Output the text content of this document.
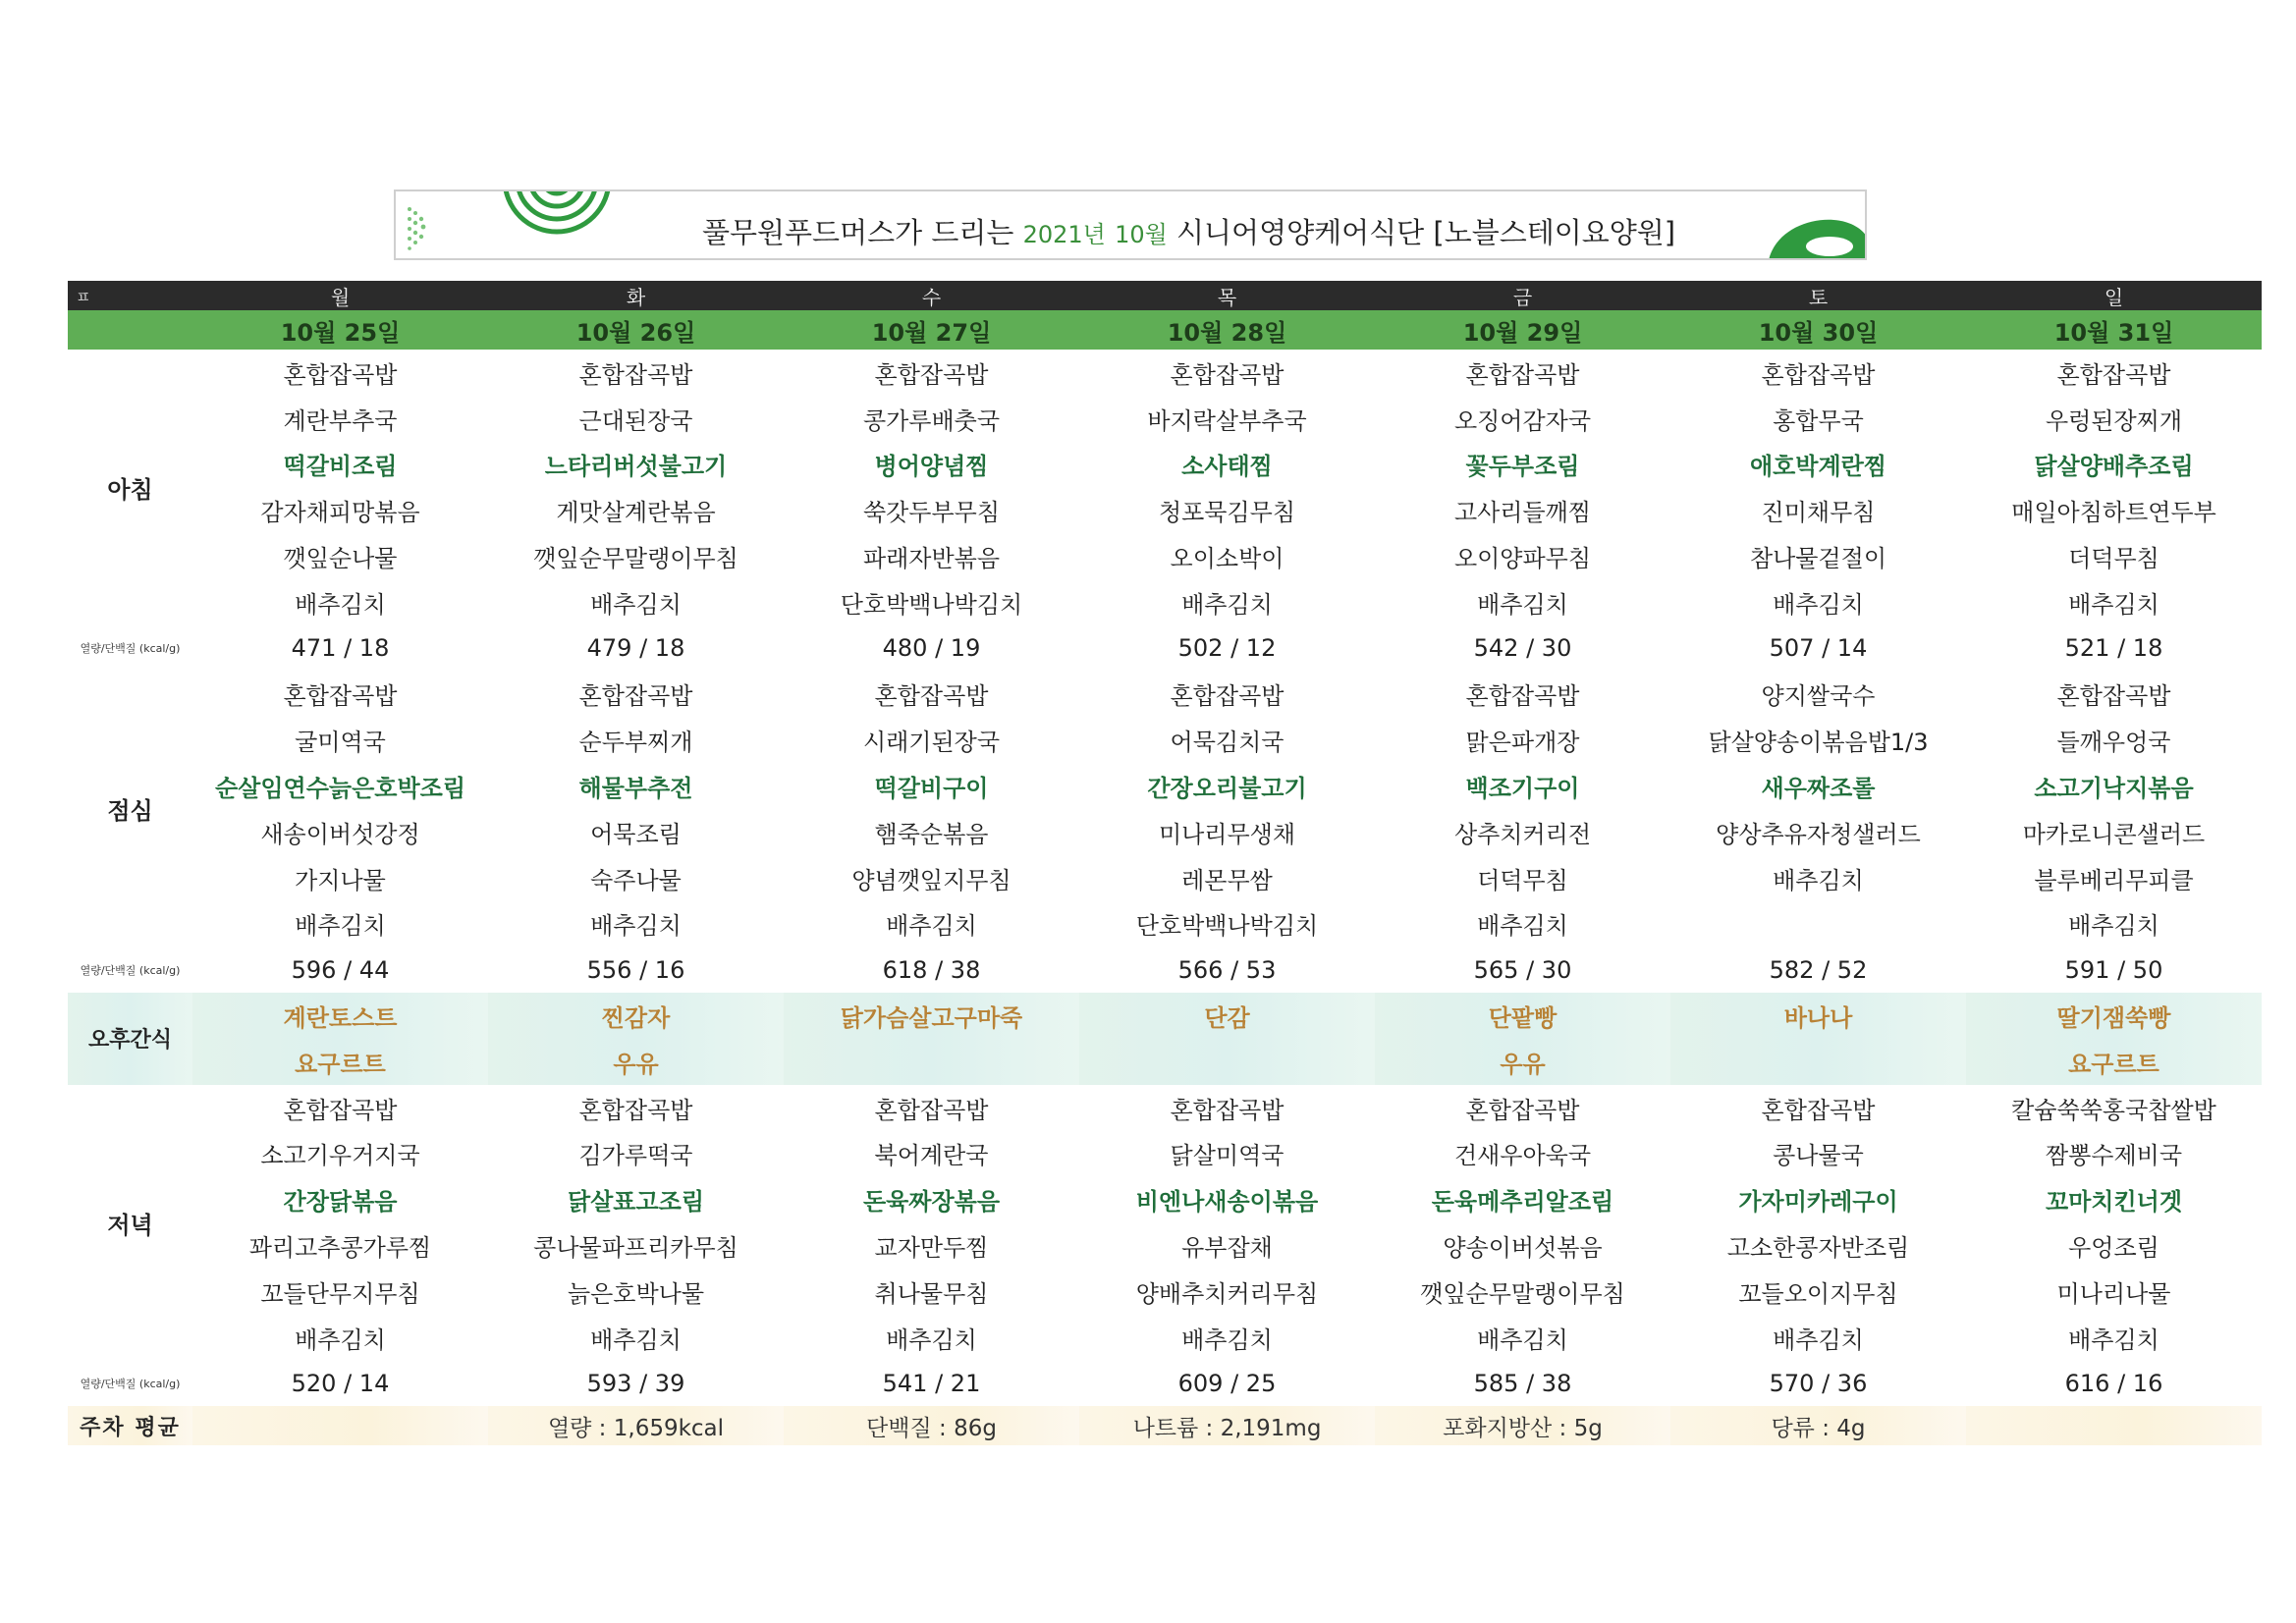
풀무원푸드머스가 드리는 2021년 10월 시니어영양케어식단 [노블스테이요양원]
ㅍ	월	화	수	목	금	토	일
	10월 25일	10월 26일	10월 27일	10월 28일	10월 29일	10월 30일	10월 31일
아침	혼합잡곡밥	혼합잡곡밥	혼합잡곡밥	혼합잡곡밥	혼합잡곡밥	혼합잡곡밥	혼합잡곡밥
	계란부추국	근대된장국	콩가루배춧국	바지락살부추국	오징어감자국	홍합무국	우렁된장찌개
	떡갈비조림	느타리버섯불고기	병어양념찜	소사태찜	꽃두부조림	애호박계란찜	닭살양배추조림
	감자채피망볶음	게맛살계란볶음	쑥갓두부무침	청포묵김무침	고사리들깨찜	진미채무침	매일아침하트연두부
	깻잎순나물	깻잎순무말랭이무침	파래자반볶음	오이소박이	오이양파무침	참나물겉절이	더덕무침
	배추김치	배추김치	단호박백나박김치	배추김치	배추김치	배추김치	배추김치
열량/단백질 (kcal/g)	471 / 18	479 / 18	480 / 19	502 / 12	542 / 30	507 / 14	521 / 18
점심	혼합잡곡밥	혼합잡곡밥	혼합잡곡밥	혼합잡곡밥	혼합잡곡밥	양지쌀국수	혼합잡곡밥
	굴미역국	순두부찌개	시래기된장국	어묵김치국	맑은파개장	닭살양송이볶음밥1/3	들깨우엉국
	순살임연수늙은호박조림	해물부추전	떡갈비구이	간장오리불고기	백조기구이	새우짜조롤	소고기낙지볶음
	새송이버섯강정	어묵조림	햄죽순볶음	미나리무생채	상추치커리전	양상추유자청샐러드	마카로니콘샐러드
	가지나물	숙주나물	양념깻잎지무침	레몬무쌈	더덕무침	배추김치	블루베리무피클
	배추김치	배추김치	배추김치	단호박백나박김치	배추김치		배추김치
열량/단백질 (kcal/g)	596 / 44	556 / 16	618 / 38	566 / 53	565 / 30	582 / 52	591 / 50
오후간식	계란토스트	찐감자	닭가슴살고구마죽	단감	단팥빵	바나나	딸기잼쑥빵
	요구르트	우유			우유		요구르트
저녁	혼합잡곡밥	혼합잡곡밥	혼합잡곡밥	혼합잡곡밥	혼합잡곡밥	혼합잡곡밥	칼슘쑥쑥홍국찹쌀밥
	소고기우거지국	김가루떡국	북어계란국	닭살미역국	건새우아욱국	콩나물국	짬뽕수제비국
	간장닭볶음	닭살표고조림	돈육짜장볶음	비엔나새송이볶음	돈육메추리알조림	가자미카레구이	꼬마치킨너겟
	꽈리고추콩가루찜	콩나물파프리카무침	교자만두찜	유부잡채	양송이버섯볶음	고소한콩자반조림	우엉조림
	꼬들단무지무침	늙은호박나물	취나물무침	양배추치커리무침	깻잎순무말랭이무침	꼬들오이지무침	미나리나물
	배추김치	배추김치	배추김치	배추김치	배추김치	배추김치	배추김치
열량/단백질 (kcal/g)	520 / 14	593 / 39	541 / 21	609 / 25	585 / 38	570 / 36	616 / 16
주차 평균		열량 : 1,659kcal	단백질 : 86g	나트륨 : 2,191mg	포화지방산 : 5g	당류 : 4g	
